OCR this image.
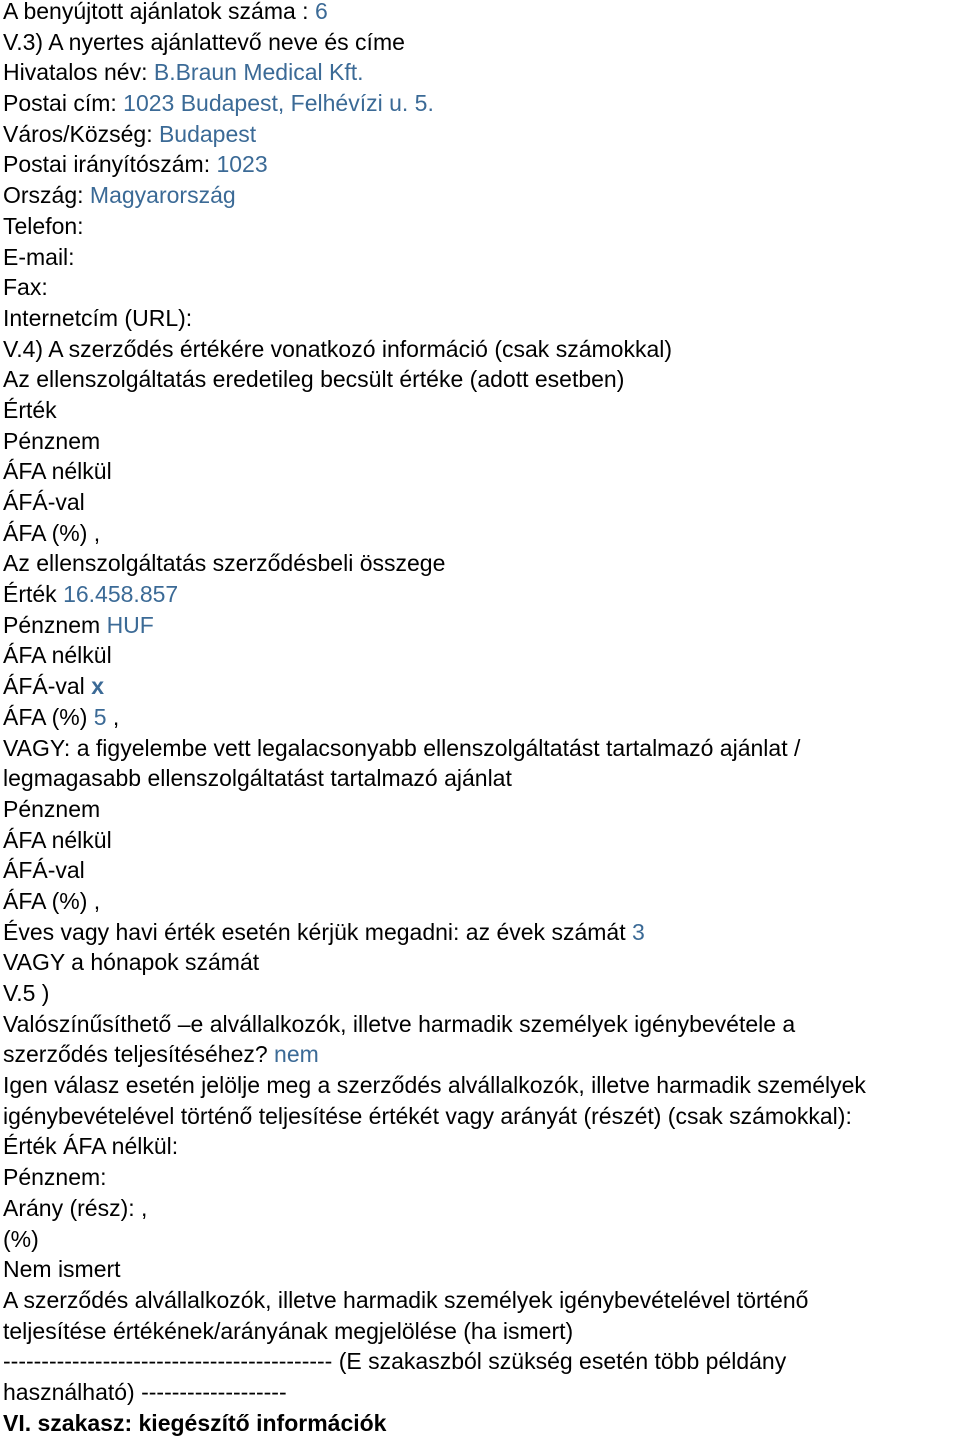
A benyújtott ajánlatok száma : 6
V.3) A nyertes ajánlattevő neve és címe
Hivatalos név: B.Braun Medical Kft.
Postai cím: 1023 Budapest, Felhévízi u. 5.
Város/Község: Budapest
Postai irányítószám: 1023
Ország: Magyarország
Telefon:
E-mail:
Fax:
Internetcím (URL):
V.4) A szerződés értékére vonatkozó információ (csak számokkal)
Az ellenszolgáltatás eredetileg becsült értéke (adott esetben)
Érték
Pénznem
ÁFA nélkül
ÁFÁ-val
ÁFA (%) ,
Az ellenszolgáltatás szerződésbeli összege
Érték 16.458.857
Pénznem HUF
ÁFA nélkül
ÁFÁ-val x
ÁFA (%) 5 ,
VAGY: a figyelembe vett legalacsonyabb ellenszolgáltatást tartalmazó ajánlat /
legmagasabb ellenszolgáltatást tartalmazó ajánlat
Pénznem
ÁFA nélkül
ÁFÁ-val
ÁFA (%) ,
Éves vagy havi érték esetén kérjük megadni: az évek számát 3
VAGY a hónapok számát
V.5 )
Valószínűsíthető –e alvállalkozók, illetve harmadik személyek igénybevétele a
szerződés teljesítéséhez? nem
Igen válasz esetén jelölje meg a szerződés alvállalkozók, illetve harmadik személyek
igénybevételével történő teljesítése értékét vagy arányát (részét) (csak számokkal):
Érték ÁFA nélkül:
Pénznem:
Arány (rész): ,
(%)
Nem ismert
A szerződés alvállalkozók, illetve harmadik személyek igénybevételével történő
teljesítése értékének/arányának megjelölése (ha ismert)
------------------------------------------- (E szakaszból szükség esetén több példány
használható) -------------------
VI. szakasz: kiegészítő információk
